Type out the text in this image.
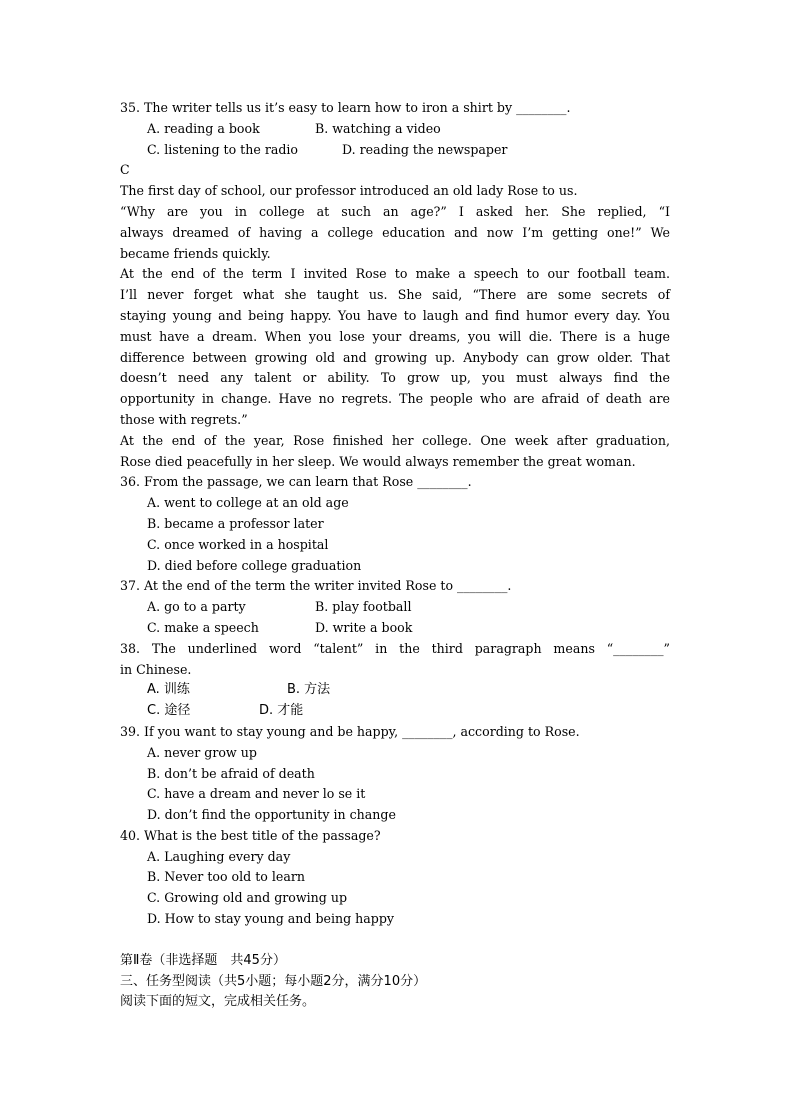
35. The writer tells us it’s easy to learn how to iron a shirt by ________.
A. reading a book	B. watching a video
C. listening to the radio	D. reading the newspaper
C
The first day of school, our professor introduced an old lady Rose to us.
“Why are you in college at such an age?” I asked her. She replied, “I
always dreamed of having a college education and now I’m getting one!” We
became friends quickly.
At the end of the term I invited Rose to make a speech to our football team.
I’ll never forget what she taught us. She said, “There are some secrets of
staying young and being happy. You have to laugh and find humor every day. You
must have a dream. When you lose your dreams, you will die. There is a huge
difference between growing old and growing up. Anybody can grow older. That
doesn’t need any talent or ability. To grow up, you must always find the
opportunity in change. Have no regrets. The people who are afraid of death are
those with regrets.”
At the end of the year, Rose finished her college. One week after graduation,
Rose died peacefully in her sleep. We would always remember the great woman.
36. From the passage, we can learn that Rose ________.
A. went to college at an old age
B. became a professor later
C. once worked in a hospital
D. died before college graduation
37. At the end of the term the writer invited Rose to ________.
A. go to a party	B. play football
C. make a speech	D. write a book
38. The underlined word “talent” in the third paragraph means “________”
in Chinese.
A. 训练	B. 方法
C. 途径	D. 才能
39. If you want to stay young and be happy, ________, according to Rose.
A. never grow up
B. don’t be afraid of death
C. have a dream and never lo se it
D. don’t find the opportunity in change
40. What is the best title of the passage?
A. Laughing every day
B. Never too old to learn
C. Growing old and growing up
D. How to stay young and being happy
第Ⅱ卷（非选择题　共45分）
三、任务型阅读（共5小题；每小题2分，满分10分）
阅读下面的短文，完成相关任务。
